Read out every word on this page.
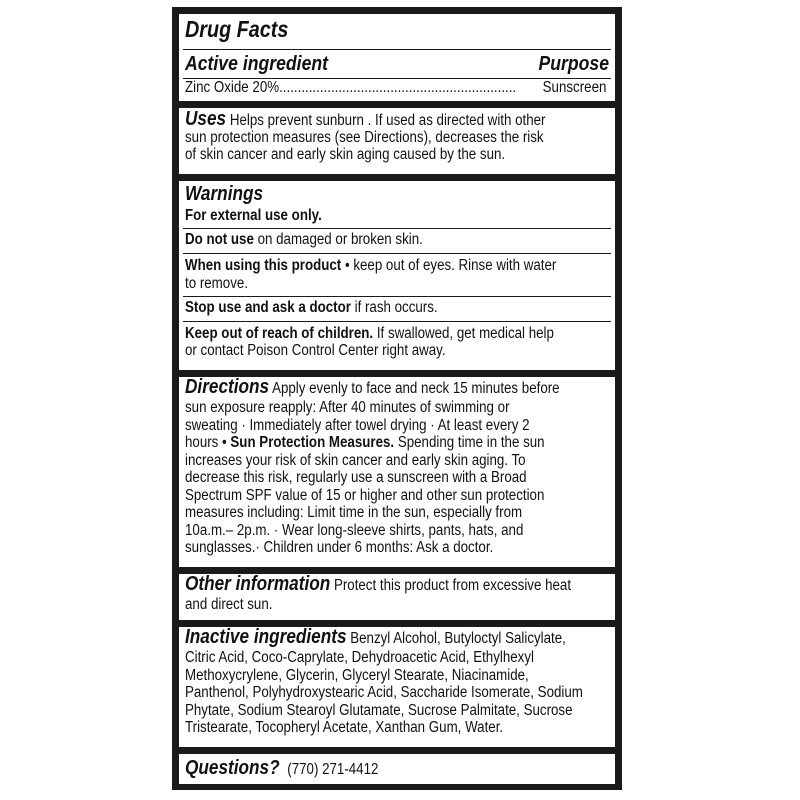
Drug Facts
Active ingredient	Purpose
Zinc Oxide 20% ................................................................	Sunscreen
Uses Helps prevent sunburn . If used as directed with other
sun protection measures (see Directions), decreases the risk
of skin cancer and early skin aging caused by the sun.
Warnings
For external use only.
Do not use on damaged or broken skin.
When using this product • keep out of eyes. Rinse with water
to remove.
Stop use and ask a doctor if rash occurs.
Keep out of reach of children. If swallowed, get medical help
or contact Poison Control Center right away.
Directions Apply evenly to face and neck 15 minutes before
sun exposure reapply: After 40 minutes of swimming or
sweating · Immediately after towel drying · At least every 2
hours • Sun Protection Measures. Spending time in the sun
increases your risk of skin cancer and early skin aging. To
decrease this risk, regularly use a sunscreen with a Broad
Spectrum SPF value of 15 or higher and other sun protection
measures including: Limit time in the sun, especially from
10a.m.– 2p.m. · Wear long-sleeve shirts, pants, hats, and
sunglasses.· Children under 6 months: Ask a doctor.
Other information Protect this product from excessive heat
and direct sun.
Inactive ingredients Benzyl Alcohol, Butyloctyl Salicylate,
Citric Acid, Coco-Caprylate, Dehydroacetic Acid, Ethylhexyl
Methoxycrylene, Glycerin, Glyceryl Stearate, Niacinamide,
Panthenol, Polyhydroxystearic Acid, Saccharide Isomerate, Sodium
Phytate, Sodium Stearoyl Glutamate, Sucrose Palmitate, Sucrose
Tristearate, Tocopheryl Acetate, Xanthan Gum, Water.
Questions? (770) 271-4412
